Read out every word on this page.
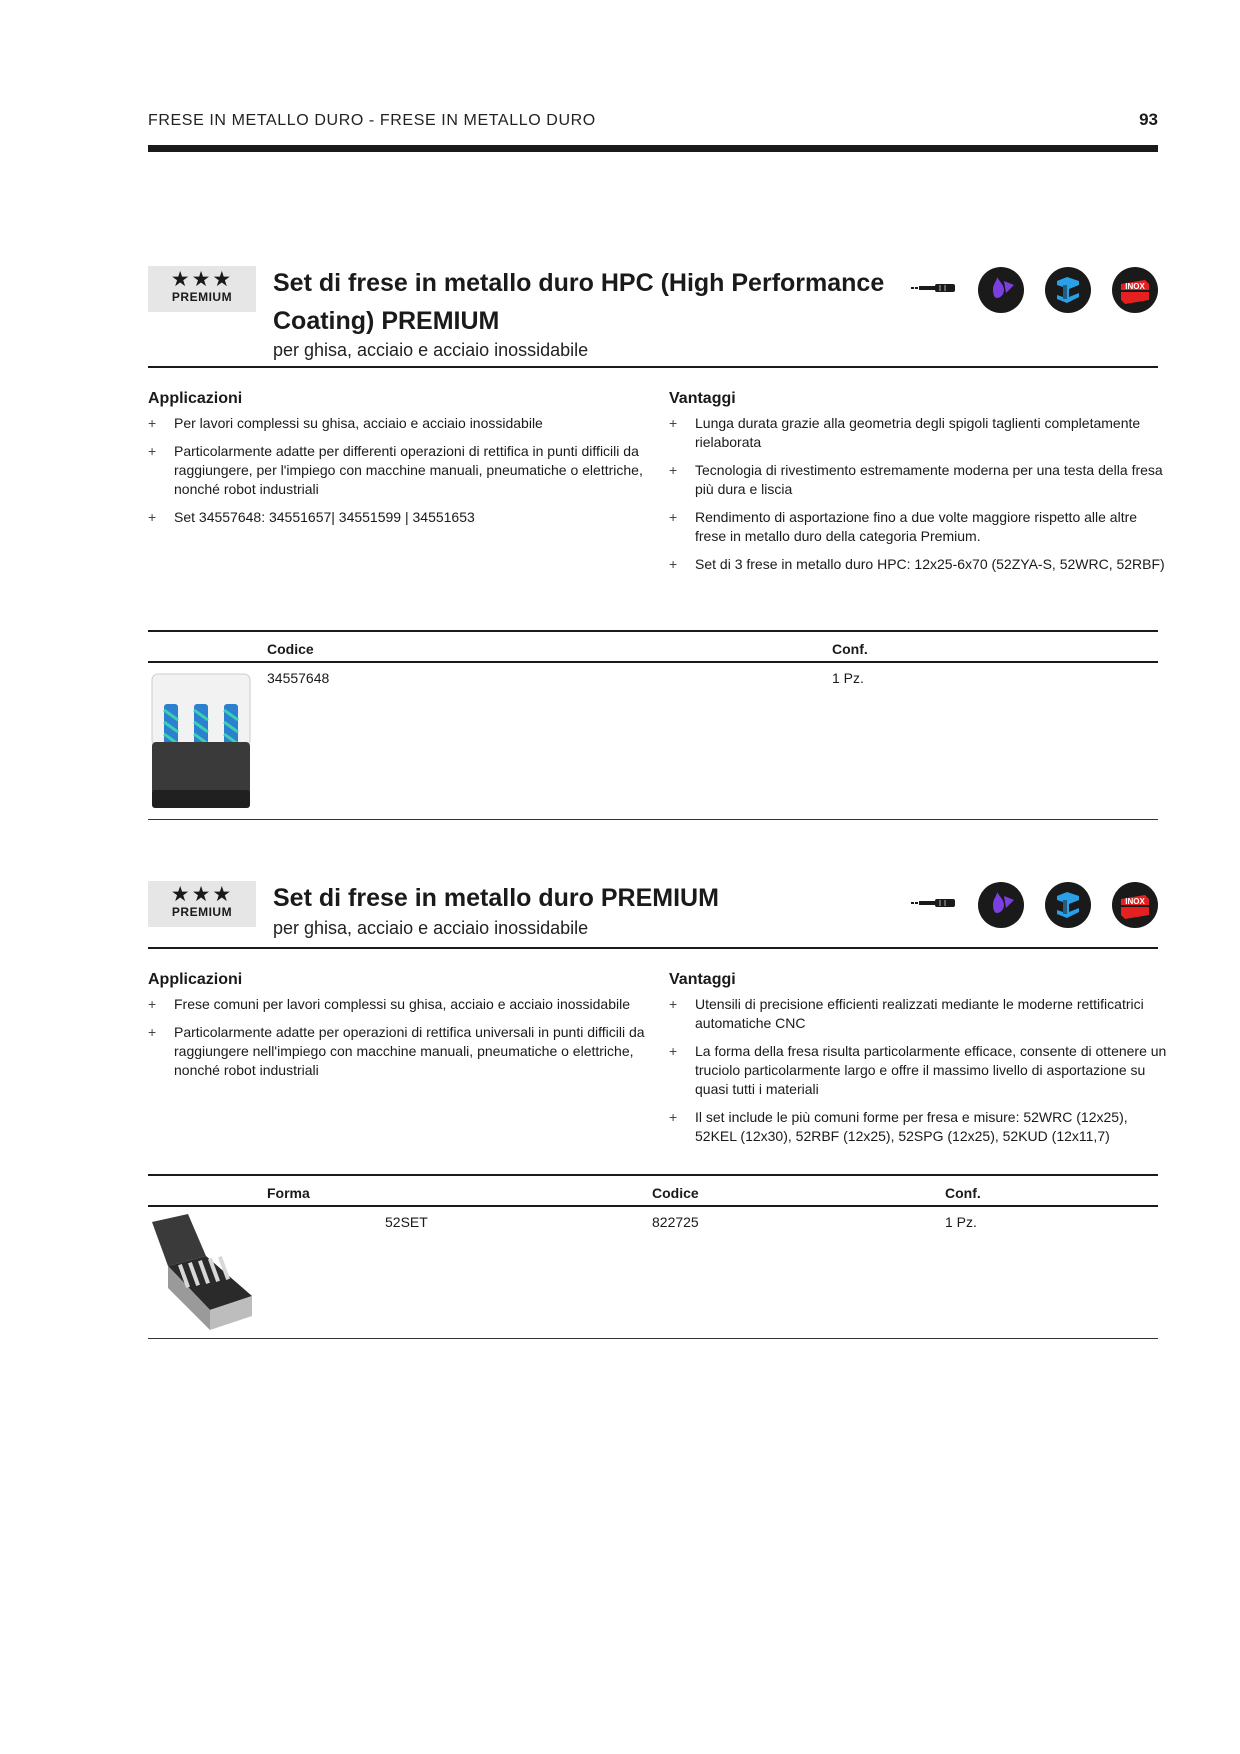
FRESE IN METALLO DURO - FRESE IN METALLO DURO	93
★★★
PREMIUM	Set di frese in metallo duro HPC (High Performance
Coating) PREMIUM
per ghisa, acciaio e acciaio inossidabile
INOX
Applicazioni
+ Per lavori complessi su ghisa, acciaio e acciaio inossidabile
+ Particolarmente adatte per differenti operazioni di rettifica in punti difficili da raggiungere, per l'impiego con macchine manuali, pneumatiche o elettriche, nonché robot industriali
+ Set 34557648: 34551657| 34551599 | 34551653
Vantaggi
+ Lunga durata grazie alla geometria degli spigoli taglienti completamente rielaborata
+ Tecnologia di rivestimento estremamente moderna per una testa della fresa più dura e liscia
+ Rendimento di asportazione fino a due volte maggiore rispetto alle altre frese in metallo duro della categoria Premium.
+ Set di 3 frese in metallo duro HPC: 12x25-6x70 (52ZYA-S, 52WRC, 52RBF)
Codice	Conf.
34557648	1 Pz.
★★★
PREMIUM	Set di frese in metallo duro PREMIUM
per ghisa, acciaio e acciaio inossidabile
INOX
Applicazioni
+ Frese comuni per lavori complessi su ghisa, acciaio e acciaio inossidabile
+ Particolarmente adatte per operazioni di rettifica universali in punti difficili da raggiungere nell'impiego con macchine manuali, pneumatiche o elettriche, nonché robot industriali
Vantaggi
+ Utensili di precisione efficienti realizzati mediante le moderne rettificatrici automatiche CNC
+ La forma della fresa risulta particolarmente efficace, consente di ottenere un truciolo particolarmente largo e offre il massimo livello di asportazione su quasi tutti i materiali
+ Il set include le più comuni forme per fresa e misure: 52WRC (12x25), 52KEL (12x30), 52RBF (12x25), 52SPG (12x25), 52KUD (12x11,7)
Forma	Codice	Conf.
52SET	822725	1 Pz.
